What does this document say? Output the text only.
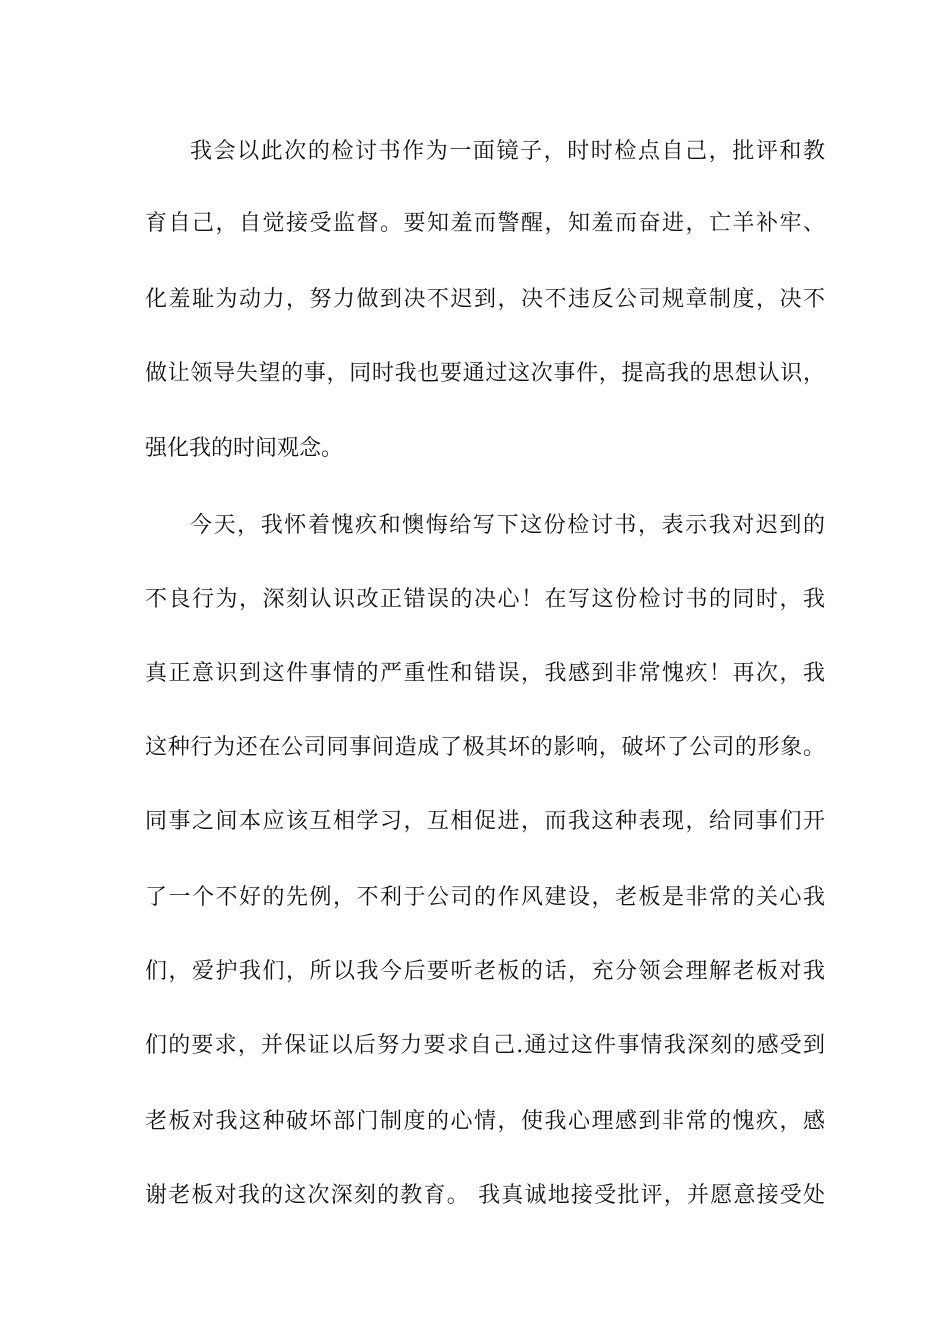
我会以此次的检讨书作为一面镜子，时时检点自己，批评和教
育自己，自觉接受监督。要知羞而警醒，知羞而奋进，亡羊补牢、
化羞耻为动力，努力做到决不迟到，决不违反公司规章制度，决不
做让领导失望的事，同时我也要通过这次事件，提高我的思想认识，
强化我的时间观念。
今天，我怀着愧疚和懊悔给写下这份检讨书，表示我对迟到的
不良行为，深刻认识改正错误的决心！在写这份检讨书的同时，我
真正意识到这件事情的严重性和错误，我感到非常愧疚！再次，我
这种行为还在公司同事间造成了极其坏的影响，破坏了公司的形象。
同事之间本应该互相学习，互相促进，而我这种表现，给同事们开
了一个不好的先例，不利于公司的作风建设，老板是非常的关心我
们，爱护我们，所以我今后要听老板的话，充分领会理解老板对我
们的要求，并保证以后努力要求自己.通过这件事情我深刻的感受到
老板对我这种破坏部门制度的心情，使我心理感到非常的愧疚，感
谢老板对我的这次深刻的教育。 我真诚地接受批评，并愿意接受处
